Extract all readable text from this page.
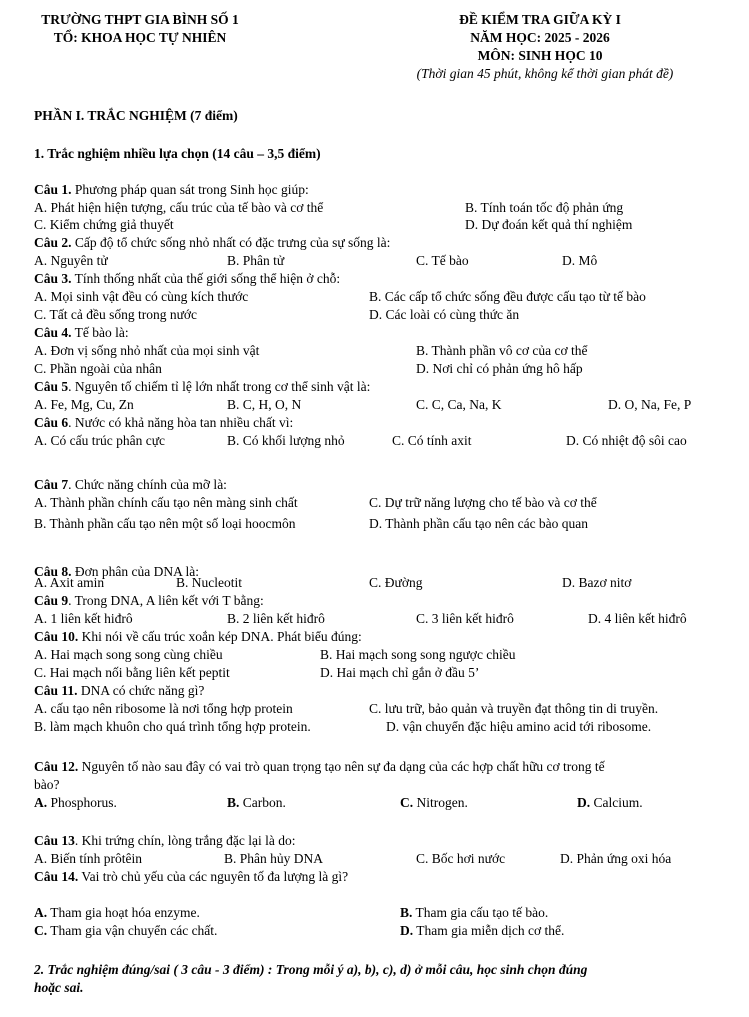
TRƯỜNG THPT GIA BÌNH SỐ 1
TỔ: KHOA HỌC TỰ NHIÊN
ĐỀ KIỂM TRA GIỮA KỲ I
NĂM HỌC: 2025 - 2026
MÔN: SINH HỌC 10
(Thời gian 45 phút, không kể thời gian phát đề)
PHẦN I. TRẮC NGHIỆM (7 điểm)
1. Trắc nghiệm nhiều lựa chọn (14 câu – 3,5 điểm)
Câu 1. Phương pháp quan sát trong Sinh học giúp:
A. Phát hiện hiện tượng, cấu trúc của tế bào và cơ thể	B. Tính toán tốc độ phản ứng
C. Kiểm chứng giả thuyết	D. Dự đoán kết quả thí nghiệm
Câu 2. Cấp độ tổ chức sống nhỏ nhất có đặc trưng của sự sống là:
A. Nguyên tử	B. Phân tử	C. Tế bào	D. Mô
Câu 3. Tính thống nhất của thế giới sống thể hiện ở chỗ:
A. Mọi sinh vật đều có cùng kích thước	B. Các cấp tổ chức sống đều được cấu tạo từ tế bào
C. Tất cả đều sống trong nước	D. Các loài có cùng thức ăn
Câu 4. Tế bào là:
A. Đơn vị sống nhỏ nhất của mọi sinh vật	B. Thành phần vô cơ của cơ thể
C. Phần ngoài của nhân	D. Nơi chỉ có phản ứng hô hấp
Câu 5. Nguyên tố chiếm tỉ lệ lớn nhất trong cơ thể sinh vật là:
A. Fe, Mg, Cu, Zn	B. C, H, O, N	C. C, Ca, Na, K	D. O, Na, Fe, P
Câu 6. Nước có khả năng hòa tan nhiều chất vì:
A. Có cấu trúc phân cực	B. Có khối lượng nhỏ	C. Có tính axit	D. Có nhiệt độ sôi cao
Câu 7. Chức năng chính của mỡ là:
A. Thành phần chính cấu tạo nên màng sinh chất	C. Dự trữ năng lượng cho tế bào và cơ thể
B. Thành phần cấu tạo nên một số loại hoocmôn	D. Thành phần cấu tạo nên các bào quan
Câu 8. Đơn phân của DNA là:
A. Axit amin	B. Nucleotit	C. Đường	D. Bazơ nitơ
Câu 9. Trong DNA, A liên kết với T bằng:
A. 1 liên kết hiđrô	B. 2 liên kết hiđrô	C. 3 liên kết hiđrô	D. 4 liên kết hiđrô
Câu 10. Khi nói về cấu trúc xoắn kép DNA. Phát biểu đúng:
A. Hai mạch song song cùng chiều	B. Hai mạch song song ngược chiều
C. Hai mạch nối bằng liên kết peptit	D. Hai mạch chỉ gắn ở đầu 5’
Câu 11. DNA có chức năng gì?
A. cấu tạo nên ribosome là nơi tổng hợp protein	C. lưu trữ, bảo quản và truyền đạt thông tin di truyền.
B. làm mạch khuôn cho quá trình tổng hợp protein.	D. vận chuyển đặc hiệu amino acid tới ribosome.
Câu 12. Nguyên tố nào sau đây có vai trò quan trọng tạo nên sự đa dạng của các hợp chất hữu cơ trong tế
bào?
A. Phosphorus.	B. Carbon.	C. Nitrogen.	D. Calcium.
Câu 13. Khi trứng chín, lòng trắng đặc lại là do:
A. Biến tính prôtêin	B. Phân hủy DNA	C. Bốc hơi nước	D. Phản ứng oxi hóa
Câu 14. Vai trò chủ yếu của các nguyên tố đa lượng là gì?
A. Tham gia hoạt hóa enzyme.	B. Tham gia cấu tạo tế bào.
C. Tham gia vận chuyển các chất.	D. Tham gia miễn dịch cơ thể.
2. Trắc nghiệm đúng/sai ( 3 câu - 3 điểm) : Trong mỗi ý a), b), c), d) ở mỗi câu, học sinh chọn đúng
hoặc sai.
